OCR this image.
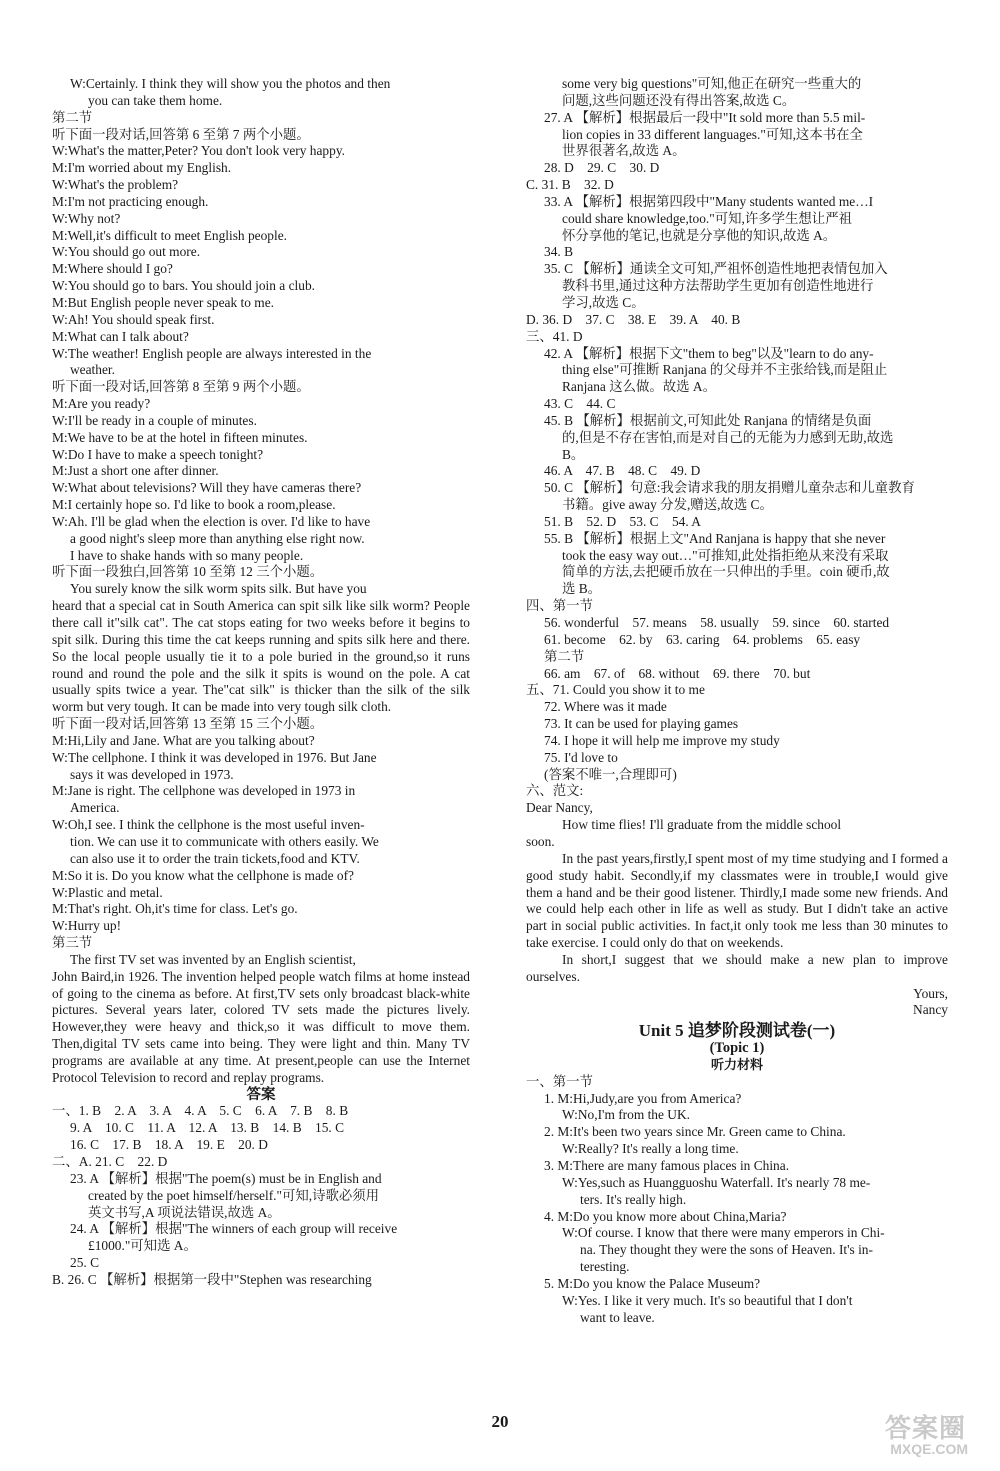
W:Certainly. I think they will show you the photos and then

you can take them home.

第二节

听下面一段对话,回答第 6 至第 7 两个小题。

W:What's the matter,Peter? You don't look very happy.

M:I'm worried about my English.

W:What's the problem?

M:I'm not practicing enough.

W:Why not?

M:Well,it's difficult to meet English people.

W:You should go out more.

M:Where should I go?

W:You should go to bars. You should join a club.

M:But English people never speak to me.

W:Ah! You should speak first.

M:What can I talk about?

W:The weather! English people are always interested in the

weather.

听下面一段对话,回答第 8 至第 9 两个小题。

M:Are you ready?

W:I'll be ready in a couple of minutes.

M:We have to be at the hotel in fifteen minutes.

W:Do I have to make a speech tonight?

M:Just a short one after dinner.

W:What about televisions? Will they have cameras there?

M:I certainly hope so. I'd like to book a room,please.

W:Ah. I'll be glad when the election is over. I'd like to have

a good night's sleep more than anything else right now.

I have to shake hands with so many people.

听下面一段独白,回答第 10 至第 12 三个小题。

You surely know the silk worm spits silk. But have you

heard that a special cat in South America can spit silk like silk worm? People there call it"silk cat". The cat stops eating for two weeks before it begins to spit silk. During this time the cat keeps running and spits silk here and there. So the local people usually tie it to a pole buried in the ground,so it runs round and round the pole and the silk it spits is wound on the pole. A cat usually spits twice a year. The"cat silk" is thicker than the silk of the silk worm but very tough. It can be made into very tough silk cloth.

听下面一段对话,回答第 13 至第 15 三个小题。

M:Hi,Lily and Jane. What are you talking about?

W:The cellphone. I think it was developed in 1976. But Jane

says it was developed in 1973.

M:Jane is right. The cellphone was developed in 1973 in

America.

W:Oh,I see. I think the cellphone is the most useful inven-

tion. We can use it to communicate with others easily. We

can also use it to order the train tickets,food and KTV.

M:So it is. Do you know what the cellphone is made of?

W:Plastic and metal.

M:That's right. Oh,it's time for class. Let's go.

W:Hurry up!

第三节

The first TV set was invented by an English scientist,

John Baird,in 1926. The invention helped people watch films at home instead of going to the cinema as before. At first,TV sets only broadcast black-white pictures. Several years later, colored TV sets made the pictures lively. However,they were heavy and thick,so it was difficult to move them. Then,digital TV sets came into being. They were light and thin. Many TV programs are available at any time. At present,people can use the Internet Protocol Television to record and replay programs.

答案

一、1. B　2. A　3. A　4. A　5. C　6. A　7. B　8. B

9. A　10. C　11. A　12. A　13. B　14. B　15. C

16. C　17. B　18. A　19. E　20. D

二、A. 21. C　22. D

23. A 【解析】根据"The poem(s) must be in English and

created by the poet himself/herself."可知,诗歌必须用

英文书写,A 项说法错误,故选 A。

24. A 【解析】根据"The winners of each group will receive

£1000."可知选 A。

25. C

B. 26. C 【解析】根据第一段中"Stephen was researching

some very big questions"可知,他正在研究一些重大的

问题,这些问题还没有得出答案,故选 C。

27. A 【解析】根据最后一段中"It sold more than 5.5 mil-

lion copies in 33 different languages."可知,这本书在全

世界很著名,故选 A。

28. D　29. C　30. D

C. 31. B　32. D

33. A 【解析】根据第四段中"Many students wanted me…I

could share knowledge,too."可知,许多学生想让严祖

怀分享他的笔记,也就是分享他的知识,故选 A。

34. B

35. C 【解析】通读全文可知,严祖怀创造性地把表情包加入

教科书里,通过这种方法帮助学生更加有创造性地进行

学习,故选 C。

D. 36. D　37. C　38. E　39. A　40. B

三、41. D

42. A 【解析】根据下文"them to beg"以及"learn to do any-

thing else"可推断 Ranjana 的父母并不主张给钱,而是阻止

Ranjana 这么做。故选 A。

43. C　44. C

45. B 【解析】根据前文,可知此处 Ranjana 的情绪是负面

的,但是不存在害怕,而是对自己的无能为力感到无助,故选

B。

46. A　47. B　48. C　49. D

50. C 【解析】句意:我会请求我的朋友捐赠儿童杂志和儿童教育

书籍。give away 分发,赠送,故选 C。

51. B　52. D　53. C　54. A

55. B 【解析】根据上文"And Ranjana is happy that she never

took the easy way out…"可推知,此处指拒绝从来没有采取

简单的方法,去把硬币放在一只伸出的手里。coin 硬币,故

选 B。

四、第一节

56. wonderful　57. means　58. usually　59. since　60. started

61. become　62. by　63. caring　64. problems　65. easy

第二节

66. am　67. of　68. without　69. there　70. but

五、71. Could you show it to me

72. Where was it made

73. It can be used for playing games

74. I hope it will help me improve my study

75. I'd love to

(答案不唯一,合理即可)

六、范文:

Dear Nancy,

How time flies! I'll graduate from the middle school

soon.

In the past years,firstly,I spent most of my time studying and I formed a good study habit. Secondly,if my classmates were in trouble,I would give them a hand and be their good listener. Thirdly,I made some new friends. And we could help each other in life as well as study. But I didn't take an active part in social public activities. In fact,it only took me less than 30 minutes to take exercise. I could only do that on weekends.

In short,I suggest that we should make a new plan to improve ourselves.

Yours,

Nancy

Unit 5 追梦阶段测试卷(一)

(Topic 1)

听力材料

一、第一节

1. M:Hi,Judy,are you from America?

W:No,I'm from the UK.

2. M:It's been two years since Mr. Green came to China.

W:Really? It's really a long time.

3. M:There are many famous places in China.

W:Yes,such as Huangguoshu Waterfall. It's nearly 78 me-

ters. It's really high.

4. M:Do you know more about China,Maria?

W:Of course. I know that there were many emperors in Chi-

na. They thought they were the sons of Heaven. It's in-

teresting.

5. M:Do you know the Palace Museum?

W:Yes. I like it very much. It's so beautiful that I don't

want to leave.

20	答案圈
MXQE.COM
